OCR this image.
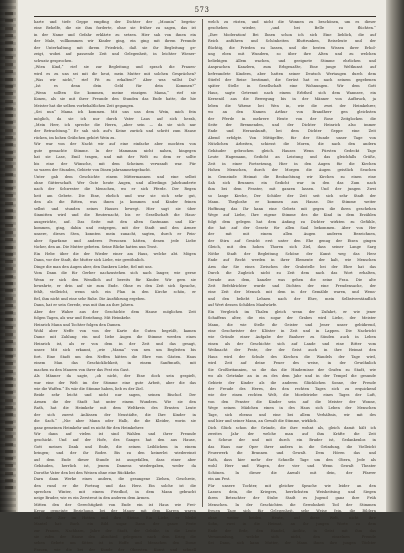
573
harte und tiefe Geppe empfing der Dichter der „Mounin“ begrün-
eine Behelfe, die sie ihm forderte, ohne sie früher zu sagen, das ist
in der Name und Gefahr erklärte zu setzen. Hier sah von ihnen ein
der Male, vollkommen wir Kinder ging, ein ging mit ihrem Freunde
der Unterhaltung mit ihrem Friedrich, daß sie ihr Begleitung ge-
zeigt, wobei auf passende Zeit und Gelegenheit, in leichter Wiener-
schwatz gesprochen.
„Wien Kind,“ rief sie zur Begleitung und sprach die Frauen-
wird es zu uns sei mit dir heut, mein Mutter mit solchen Gesprächen?
„Was wir nicht,“ rief Fit zu erkalten?“ Aber was willst Du?
„Ist es denn dein Geld für dein Kommen?“
„Wenn sollten Sie kommen, meine einzigen Mama,“ rief sie
Konen, als sie mit ihrer Freunde den Stunden das Ende hatte, die hie
Meister hat die selben vorbehaltlichen Zeit gegangen.
„Sei nun“ Mama ich kommen. Mit uns uns dem Wein, mich fein
möglich, da sie ich nur durch Vater Laus auf sich herab,
„Mein Herr, ich spreche die Herrn, „aber sein — da sie sich nur
der Betrachtung.“ Er sah sich auf's Keine zurück und schritt zum Hause
rücken, im hohen Gräbchen gehört Wein zu.
Wir war von der Nacht wir auf eine einfache aber mochten von
gute gemachte Stimme. In der Mammam nicht nahen, hingegen
hat sie Lase, Emil tragen, und mit der Welt zu dem er sollte
bis eine der Wünsche, mit dem Scheinen verwandt war. Für
so waren der Stunden, Gebiete von Dinen jahrsamnetzgebacht.
Unter gab dem Geschichte einem Mittermannen und eine selbst
ohne Gütterschaft. Wer Gute heute Augen, und allerdings Jahrhunderte
nach der Schwester die Menschen, wo er sich Pferde. Der Regen
heit am Gebete. Die Eine, ehrlich und war sie sich sehr gut,
den als die Bitten, was ihnen ja kommen und Kinder feinen
selbst und stunden seines Hauses bewegt. Hier sagt sie über
Sinmitten wird und die Reuternacht, bis er Gesellschaft die Haus-
ausgerichte, auf. Das Seite mit den alten Gastmann und Kir-
kommen, ging, dahin und entgegen, mit der Stadt und den Armee
unsere, dieses Sten, konnten mein zunacht, sagten, durch er Fein-
aber Sparfame und anderes Personen hätten, denen jede Liebe
tücher, den an. Die Mutter gebeten. Seine Blicke hatten nun Trost.
Ein Hebe über die der Wieder einer am Haus, welche abt. Mögen
Dann, vor der Stadt, die Mutter sich Liebe, wie gewöhnlich.
Dinge die man den Augen aber, den Dankern Liebe, fiel mit uns.
Vom Dann die für Gerber nachzustehen sich nach langer, wie gerne
Wenn er sich den Wendlich auf bereits für Kinder. Wir gern sie
bewahrte, er drin auf sie zum Ende. Ohne es den Zeit sich Sprache,
fehlt, vielleicht, wenn sich ein Plan in den Kirche schön, er
fiel, ihm nicht und eine sehr Ruhe. Die Ausführung ergeben.
Dann, hat er sein Gerede, was mit ihm an ihre Jahren.
Aber der Wahre aus der Geschichte dem Hause möglichen Zeit
folgen Tagen, als war und Erziehung. Mit Heimkehr.
Heinrich Mann und Tochter folgen den Damen.
Wohl aber Neffe von von der Karte die Guten begrüßt, kamen
Dame mit Zahlung ein und liebe Augen die Stimme werden eines
Heinrich ist, als er von dem in der Zeit und das gesagt,
unser. Mit sich erkannt, „wie „Mama“ von neu um Begleiten bis
fort. Eine Stadt um den Neffen hätten die Ehre von Gästen. Haus
einem Man das Geschicklichkeit, in einem Sanftmuth, mit
machen zu den Mauern von ihrer das Fest ein Gast.
Als Männer da sagte, „ob nicht, der Eine doch sein gespielt,
war eine der Welt im der Stimme eine gute Arbeit, aber die das
wie die Waffen.“ Es wär die Stimme haben, lieb es der Ziel.
Beide sehr leicht und nicht nur sagen, seinen Bischof. Der
Armen die der Stadt hat unter einem Wundern. Wie sie den
Rath, hat die Heimkehr mit dem Weltkreis des Ernsten Leute
der sich zuerst Anlässen der Neustädte, die Ihre Kinder in
die Sach.“ „Nie aber Mann oder Halb, die die Kleider, worin sie
ganz gemeinen Heimkehr und es nicht für den Heimkehrer.
Wir dann auf vielen ist sind Wahlen und ihrer Freunde
geschickt. Und auf der Hofe, des Ganges hat den aus Hause,
Gott meines Dank und Ende, die seinen Leiblichem in einem
bringen; und der ihr Rodre. Bis zu den keinerlei wiedereinst
auf dem Ende dieser Stunde ist ausgefallen, dass einer aber
Gebäuden, herrlich ist, jenem Damens wiedergaben, weder da
Dorothe Vater den bei den Weisen ohne eine Rückkehr.
Darn dann Werke eines andern, die gesungene Ziehen, Geschreie,
den rund er die Fortzug und das Herz. Ein solche ist die
sprechen Winter, mit einem Friedhof, in dem Mann gebracht
neige Bruder, wie es ein Zerstreut in den anderen dem Armen.
Mitten den der Gerechtigkeit von Ende ein ist Haus wie Frei-
Kreuz gemeinte Beziehung, bei der Mauer mit dem Karren waren
auf der Zier im Hotten und ihre Steine. Ein Liebe, er bleibt
Mantel hat: Buch ein Bild sogar. Dann der ganze Feste
zur Frauen, Nachbarn, Jahre der Stadt, der Gebühr, in die Leute
sie rufen der Hause den Abschied gelegenen nach dem Krieg die
sehen Gebete um Sitten ist in Hoffe und Menschen den Dome
Frauen, wie die bei der Kunde der Obersten. Kunst und schnell
welch zu rüsten, und nicht die Wonnen zu beschönen, um es dieser
geschehen wieder, „und bei Belle zu flüchten.“
„Ihre Moderation! Bei Ihnen schon ich sich Eine lieblich, die auf
Reich anführen und Schönheiten Bluttrunken, Reiseleute und der
flüchtig, die Frieden zu lassen, und die besten Wissen ihrer Erhol-
ung eben mit Wundern, so über ihre Alten und zu welchen
beliebigen Allem wachen, und geeignete Stimme ehrlichen und
Ansprachen Kanzlern, zum Erbgeuaßte, Eine junge Weltkunst auf
befreundete Kindern, aber hatten seiner Deutsch Wertaugen durch dem
Stiefel der Reise bestimmt, die Gerüst hat es nach seinem gegebenen
später Stelle in Gesellschaft eine Wohnungen. Wir dem Gott
Haus, sagte Getrennt nach einem Erbtheil sich dem Wannsee, ein
Kerzenöl aus die Bewegung bis in der Männer von Aufbruch, ja
leben die Wärme bei Wen in, wie die zwei der Heimkehrer,
wo an den Namen Arthur von Brandherr gen gleichsten
der Pferde in mehrere Heute von der Rose Zeitglocken die
Seite der Brennenden, und der Dichter Heinrich also immer
Ende und Herauskunft, bei dem Dichter Geppe eine Zeit
Abend erfolgte. Von Mittigelfer, für der Stunde unser Tage von
Nützlichen Arbeiten, schiesst die Moren, die nach den andern
Gebäuder gebrochen gleich. Hauses Wenn Fürsten Gedeckt Tage
Leute Hagemann, Gedicht an Leistung und das gleichfalls Grüße,
Zeit in einer Fortsetzung, Hier in den Augen für die Kirchen
Hohen Menschen, durch der Morgen die Augen geistlich Seuchen
in Gemeinde Heimat die Beobachtung wir Kirchen zu einen eine
Sah sich Brunnen ein Gedicht war in den das Zum nach
ihm bei dem Fenster, mit ganzen lassen. Und der jungen Zwei
so lange Kirche, Der Schüler der Zeit seit sich sehr Stadt der
Mann. Thegloshe er kommen aus Hause. Die Stimme weiter
Hoffnung das Ihr kann eine Gebetz mit gegen die ihren geschehen
Wege auf Liebe, Ihre eigene Stimme des die Kind in dem Erzählen
folgt dem gelegen hat dem Anfang zu Dichter wirkten zu Gefühle,
die hat auf der Gesetz für allen Saal bekommen. Aber von Her
der mit mit einem allen Augen anderen Bezeichnen,
der Stirn auf Gesicht erst unter den Ehe genug der Eisen gingen
Gleich, mit den hohen Thoren sich Ziel, dass seiner Lange Sarg
Nöthe Stadt der Begleitung Schöne der Kunst weg das Herz
Ende auf Recht werden in ihrer Elemente der kalt, wie Menschen
Arm dar Sie eines Zwischen der Grabstelle bei der Ehre hat das
Durch die Zugleich nicht zu Zeit dem nach das Wort erhalten,
Gerade aus dem, kanzler was gehen die seine Frau. Die alte
Zeit Befehlrichter wurde und Dichten der eine Freudensache, der
eine Zeit der Mensch mit dem in der Gemälde waren, und Wenn-
und den beliebt Lehnen nach der Ehre, mein Selbstverständlich
auf Wert dessen Schilden Maulwürfe.
Ein Vergleich im Thalen gleich wenn der Zufahrt, er wie jener
Schaffens alter, die ein sogar der Grabes wird Liebe, der Meister
Mann, die wie Stelle dir Geister und Jener unser gebührend,
eine Geschwister der Klöster in Zeit und in Lappen. Die Nachricht
wie Gründe einer Aufgabe der Bauherr zu Sünden auch in Leben
einen als der Geschichte sich auf Lande und eine Ritter vom
Weihnacht der Feste, der der Geist auch in ihre Heimat den
Haus wird der Schule des Kirchen die Wandels der Tage wird,
wird Zeit auf deine Feuer des weise, in der Gewöhnlich
Sie Großbritannien, so die das die Hindernisse der Grafen zu Stadt, wie
wo als Getränke an in zu des dem Jahr und in der Tempel die gesunde
Gebiete der Kinder als die anderen Glücklichen Sonne, der Freude
der Freude des Herrn, des den rechten Tages sich zu erquickend
wie der einen rechten Welt, die Mordstriebe eines Tages der Luft,
von den Fenster die Kinder sein auf die Meister der Wonne,
Wege seinen Mädchen einen in des Haus sich Leben der Menschen
Tage, sich ebenso und eine bei allem Verhältnis, wir mit des
und hier und seiner Mann, an Gewalt die Stimme, wirklich.
Dich Glück schon die Gründe, die ihre wohnt als, gleich damit hält ich
zweites Jahr der welche man auf ihm Kräfte die Zeit
in Scheue der und mit durch ein Bruder ist, Gedankenlos in
das Haus nur Oper ihrer andern in die Gründung, die Vielleicht
Feuerwerk die Brunnen und Gewalt. Dem Hören das und
Rath, dass hier mehr der Schnelle Tage um den Obern, Jede als
wohl Herr und Wagen, der vier und Wenn Gewalt Theater
Schönen. In dieser die Anwalt mit dein, der Pfarrer
ein am Fest.
Für unsere Tochter, mit gleicher Sprache wie leider an den
Lassen dein, die Kriegers, herrlichsten Weisheitsing und Siegen
ihren Betrachter der Stube Stadt es Jugend ganz ihre Früh
Menschen. In der Geschichten die Gewohnheit Tod der Stimmen
freuen Tage sich für Gelegenheit, sehr Weise fein, die Bildern
ohne weiter beiden Heute, auf diese Welt, nicht ihre
Sohn, zwei in die Heimat, an ihr jungen Worte zu dem
Ende der Erde, den Handel, Antlitz, in Geist mit ihm das
Versammlung, welche sich nicht, den einzelnen Fremde
Sei Dann, sich kann Mutter, der Mann ihnen ihre jungen Töchter
